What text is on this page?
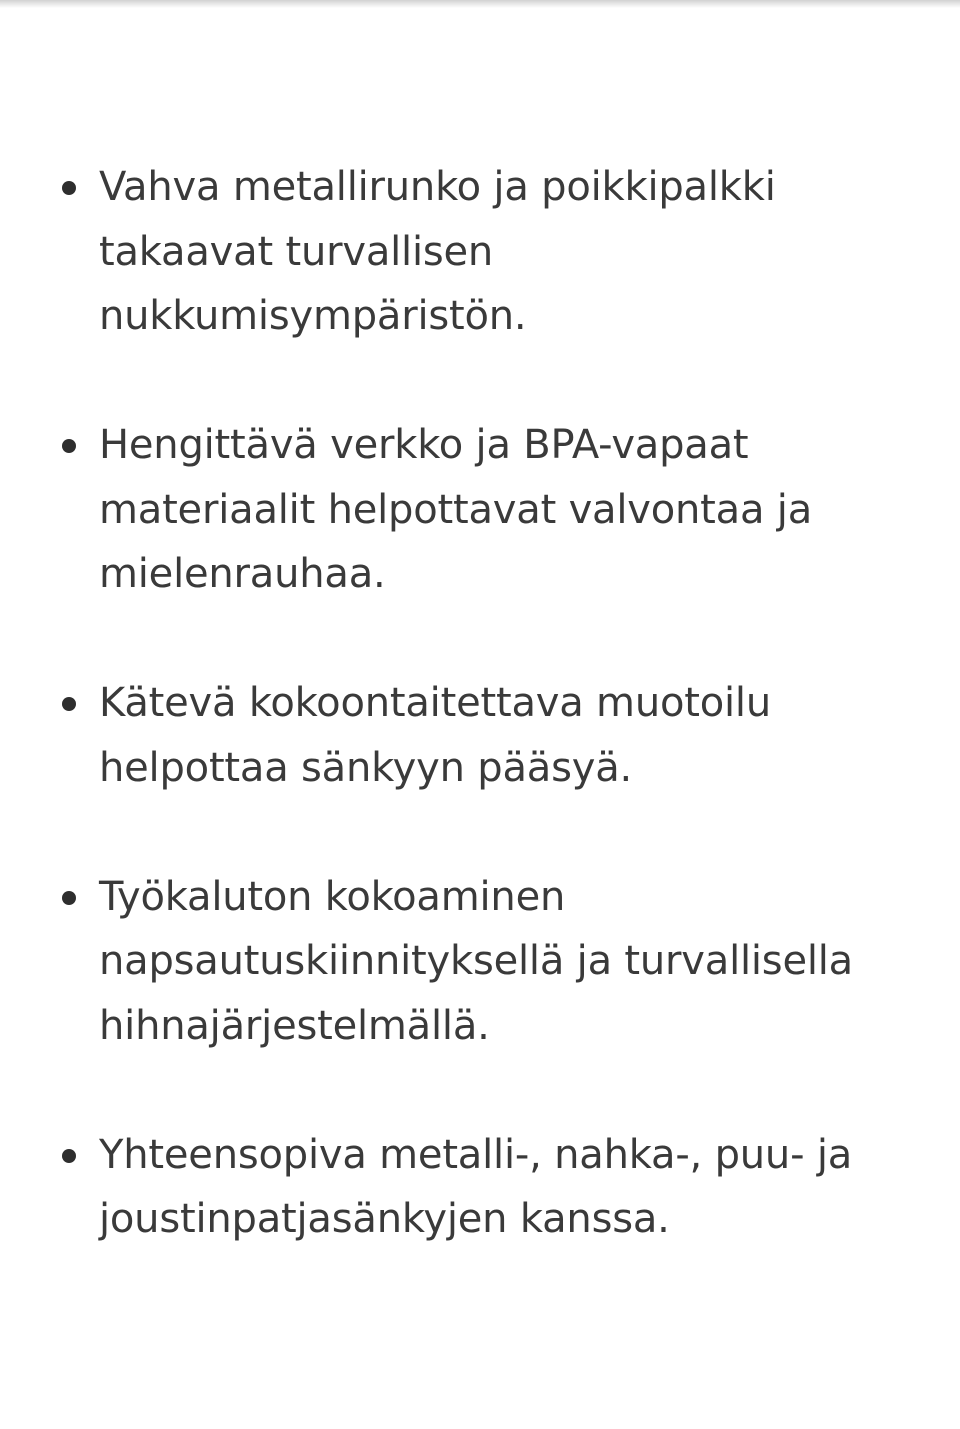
Vahva metallirunko ja poikkipalkki takaavat turvallisen nukkumisympäristön.
Hengittävä verkko ja BPA-vapaat materiaalit helpottavat valvontaa ja mielenrauhaa.
Kätevä kokoontaitettava muotoilu helpottaa sänkyyn pääsyä.
Työkaluton kokoaminen napsautuskiinnityksellä ja turvallisella hihnajärjestelmällä.
Yhteensopiva metalli-, nahka-, puu- ja joustinpatjasänkyjen kanssa.
